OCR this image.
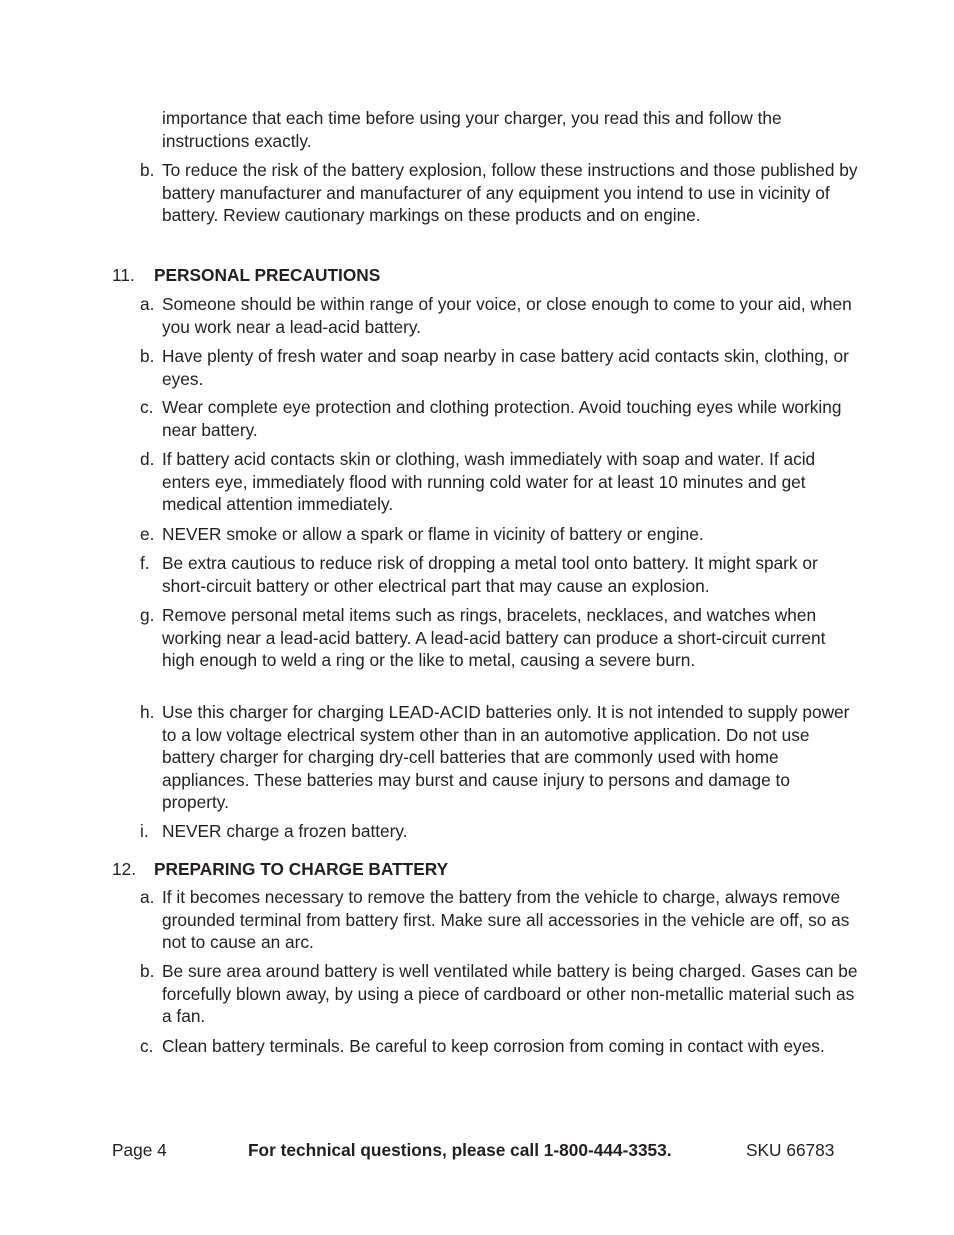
importance that each time before using your charger, you read this and follow the instructions exactly.
b. To reduce the risk of the battery explosion, follow these instructions and those published by battery manufacturer and manufacturer of any equipment you intend to use in vicinity of battery. Review cautionary markings on these products and on engine.
11. PERSONAL PRECAUTIONS
a. Someone should be within range of your voice, or close enough to come to your aid, when you work near a lead-acid battery.
b. Have plenty of fresh water and soap nearby in case battery acid contacts skin, clothing, or eyes.
c. Wear complete eye protection and clothing protection. Avoid touching eyes while working near battery.
d. If battery acid contacts skin or clothing, wash immediately with soap and water. If acid enters eye, immediately flood with running cold water for at least 10 minutes and get medical attention immediately.
e. NEVER smoke or allow a spark or flame in vicinity of battery or engine.
f. Be extra cautious to reduce risk of dropping a metal tool onto battery. It might spark or short-circuit battery or other electrical part that may cause an explosion.
g. Remove personal metal items such as rings, bracelets, necklaces, and watches when working near a lead-acid battery. A lead-acid battery can produce a short-circuit current high enough to weld a ring or the like to metal, causing a severe burn.
h. Use this charger for charging LEAD-ACID batteries only. It is not intended to supply power to a low voltage electrical system other than in an automotive application. Do not use battery charger for charging dry-cell batteries that are commonly used with home appliances. These batteries may burst and cause injury to persons and damage to property.
i. NEVER charge a frozen battery.
12. PREPARING TO CHARGE BATTERY
a. If it becomes necessary to remove the battery from the vehicle to charge, always remove grounded terminal from battery first. Make sure all accessories in the vehicle are off, so as not to cause an arc.
b. Be sure area around battery is well ventilated while battery is being charged. Gases can be forcefully blown away, by using a piece of cardboard or other non-metallic material such as a fan.
c. Clean battery terminals. Be careful to keep corrosion from coming in contact with eyes.
Page 4	For technical questions, please call 1-800-444-3353.	SKU 66783
